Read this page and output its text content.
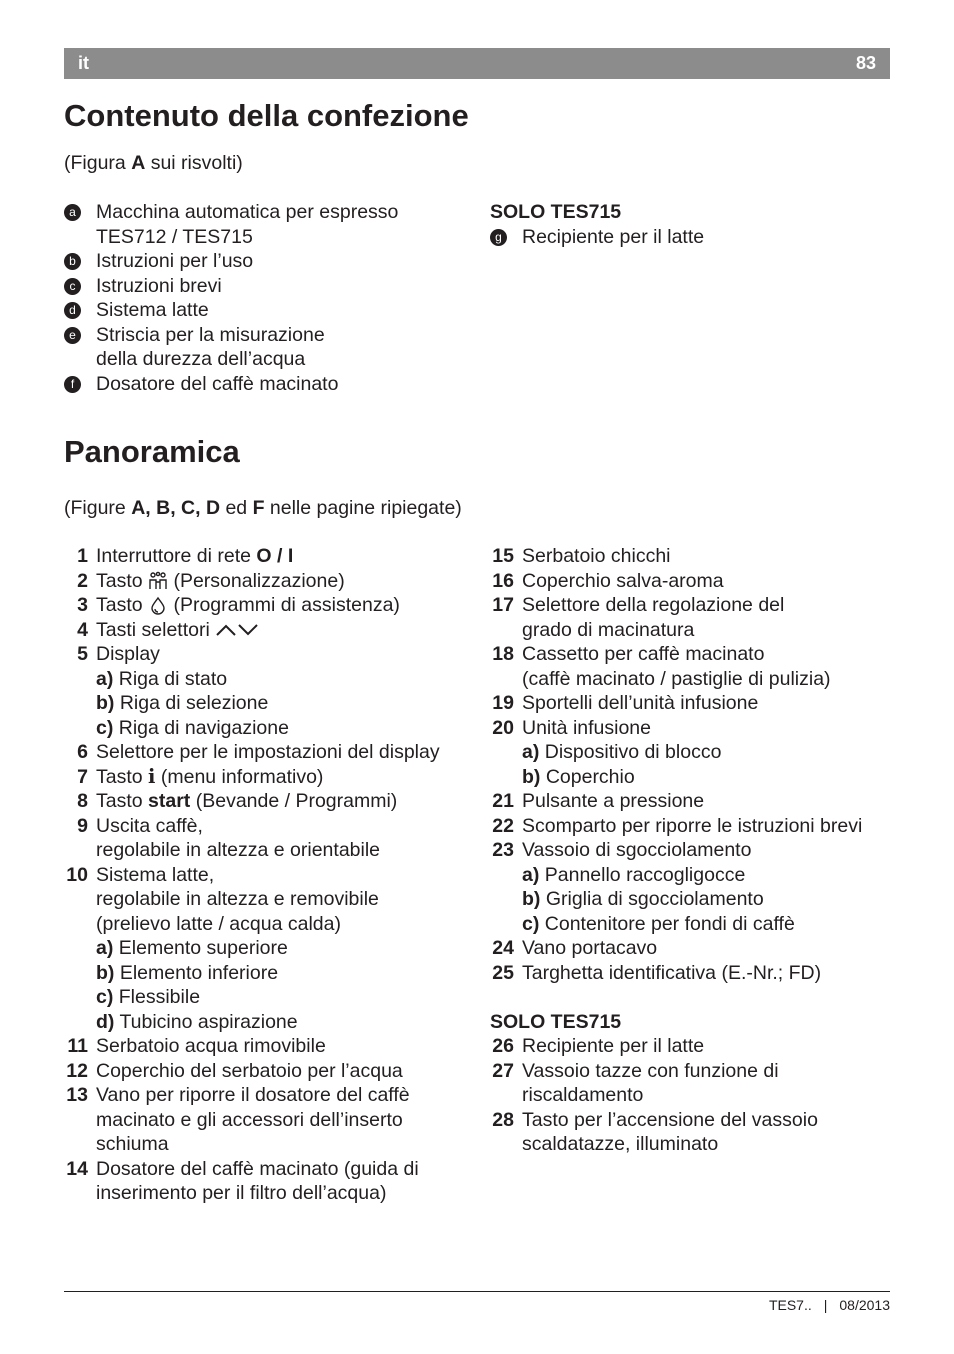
it	83
Contenuto della confezione
(Figura A sui risvolti)
a Macchina automatica per espresso
TES712 / TES715
b Istruzioni per l’uso
c Istruzioni brevi
d Sistema latte
e Striscia per la misurazione
della durezza dell’acqua
f	Dosatore del caffè macinato
SOLO TES715
g Recipiente per il latte
Panoramica
(Figure A, B, C, D ed F nelle pagine ripiegate)
1 Interruttore di rete O / I
2 Tasto  (Personalizzazione)
3 Tasto  (Programmi di assistenza)
4 Tasti selettori
5 Display
a) Riga di stato
b) Riga di selezione
c) Riga di navigazione
6 Selettore per le impostazioni del display
7 Tasto i (menu informativo)
8 Tasto start (Bevande / Programmi)
9 Uscita caffè,
regolabile in altezza e orientabile
10 Sistema latte,
regolabile in altezza e removibile
(prelievo latte / acqua calda)
a) Elemento superiore
b) Elemento inferiore
c) Flessibile
d) Tubicino aspirazione
11 Serbatoio acqua rimovibile
12 Coperchio del serbatoio per l’acqua
13 Vano per riporre il dosatore del caffè
macinato e gli accessori dell’inserto
schiuma
14 Dosatore del caffè macinato (guida di
inserimento per il filtro dell’acqua)
15 Serbatoio chicchi
16 Coperchio salva-aroma
17 Selettore della regolazione del
grado di macinatura
18 Cassetto per caffè macinato
(caffè macinato / pastiglie di pulizia)
19 Sportelli dell’unità infusione
20 Unità infusione
a) Dispositivo di blocco
b) Coperchio
21 Pulsante a pressione
22 Scomparto per riporre le istruzioni brevi
23 Vassoio di sgocciolamento
a) Pannello raccogligocce
b) Griglia di sgocciolamento
c) Contenitore per fondi di caffè
24 Vano portacavo
25 Targhetta identificativa (E.-Nr.; FD)
SOLO TES715
26 Recipiente per il latte
27 Vassoio tazze con funzione di
riscaldamento
28 Tasto per l’accensione del vassoio
scaldatazze, illuminato
TES7.. | 08/2013
